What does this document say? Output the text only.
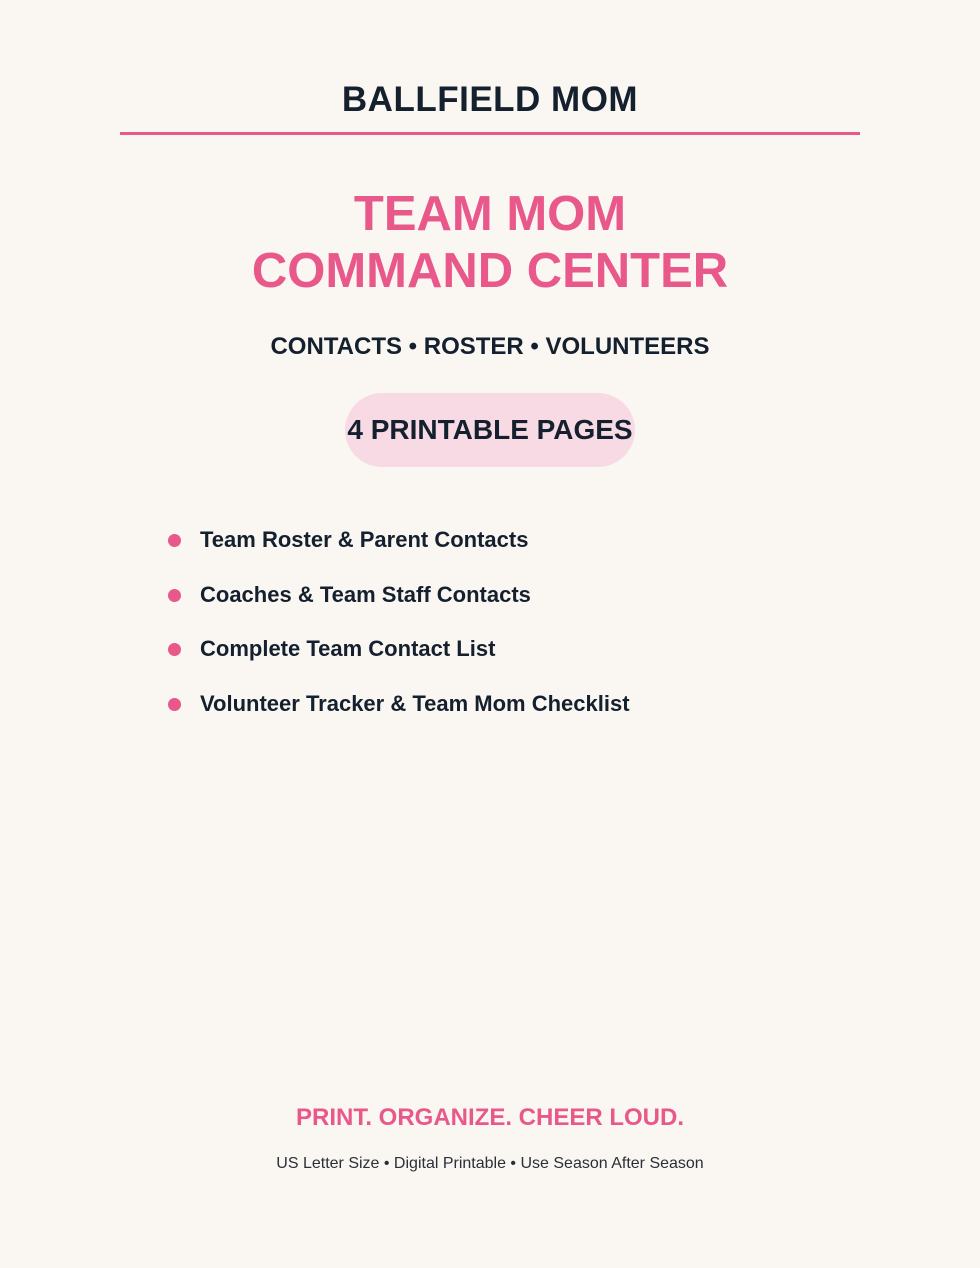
BALLFIELD MOM
TEAM MOM
COMMAND CENTER
CONTACTS • ROSTER • VOLUNTEERS
4 PRINTABLE PAGES
Team Roster & Parent Contacts
Coaches & Team Staff Contacts
Complete Team Contact List
Volunteer Tracker & Team Mom Checklist
PRINT. ORGANIZE. CHEER LOUD.
US Letter Size • Digital Printable • Use Season After Season
